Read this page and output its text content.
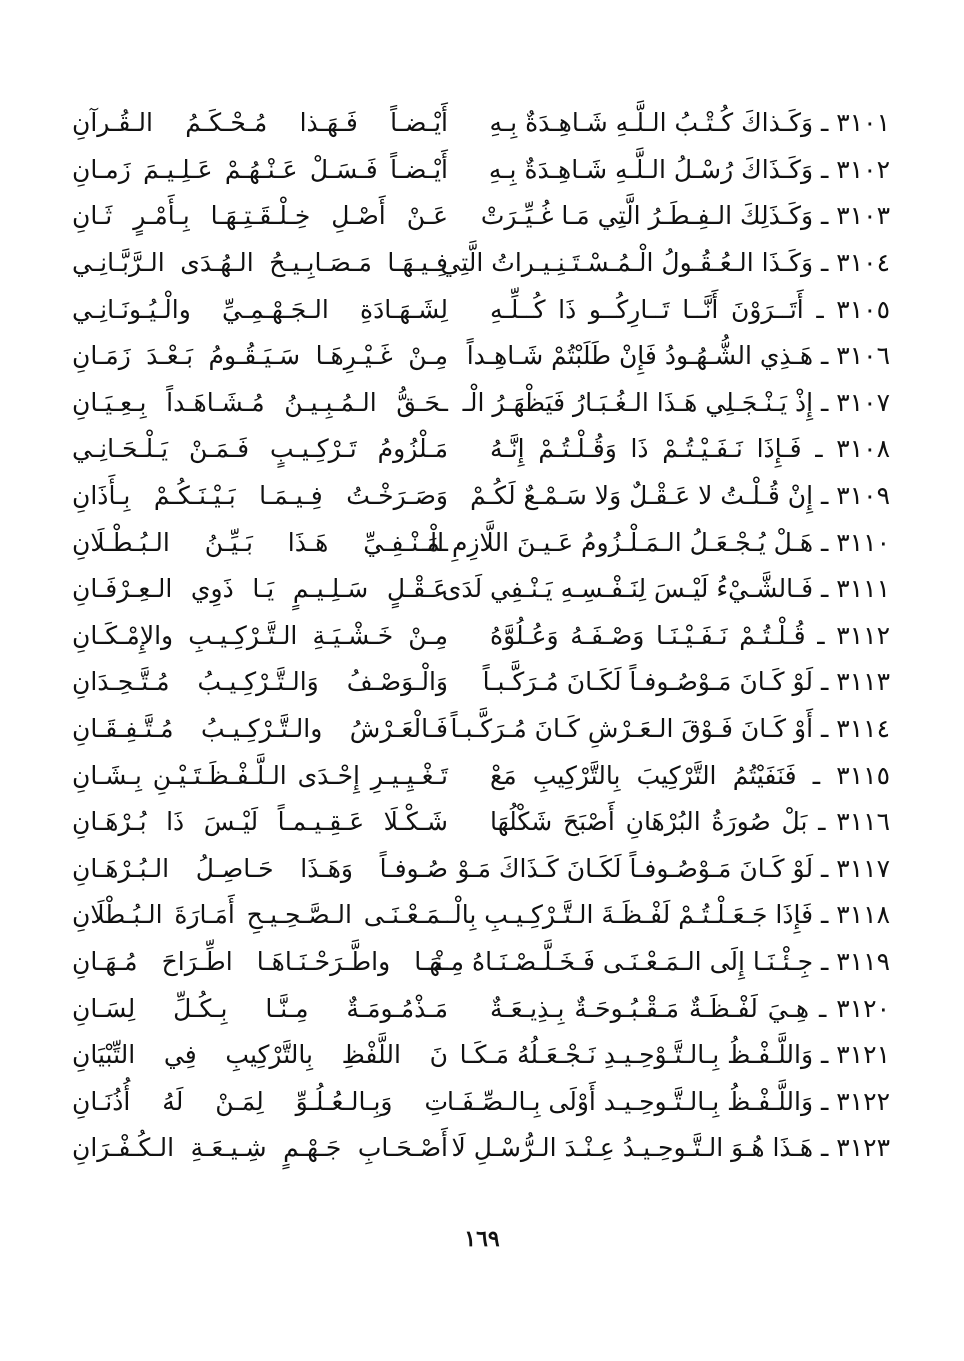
٣١٠١ ـ وَكَـذاكَ كُـتْـبُ الـلَّـهِ شَـاهِـدَةٌ بِـهِ
أَيْـضـاً فَـهَـذا مُـحْـكَـمُ الـقُـرآنِ
٣١٠٢ ـ وَكَـذَاكَ رُسْـلُ الـلَّـهِ شَـاهِـدَةٌ بِـهِ
أَيْـضـاً فَـسَـلْ عَـنْـهُـمْ عَـلِـيـمَ زَمـانِ
٣١٠٣ ـ وَكَـذَلِكَ الـفِـطَـرُ الَّتِي مَـا غُـيِّـرَتْ
عَـنْ أَصْـلِ خِـلْـقَـتِـهَـا بِـأَمْـرٍ ثَـانِ
٣١٠٤ ـ وَكَـذَا الـعُـقُـولُ الْـمُـسْـتَـنِـيـراتُ الَّتِي
فِـيـهَـا مَـصَـابِـيـحُ الـهُـدَى الـرَّبَّـانِـي
٣١٠٥ ـ أَتَــرَوْنَ أَنَّــا تَــارِكُــو ذَا كُــلِّـهِ
لِشَـهَـادَةِ الـجَـهْـمِـيِّ والْـيُـونَـانِـي
٣١٠٦ ـ هَـذِي الشُّـهُـودُ فَإِنْ طَلَبْتُمْ شَـاهِـداً
مِـنْ غَـيْـرِهَـا سَـيَـقُـومُ بَـعْـدَ زَمَـانِ
٣١٠٧ ـ إِذْ يَـنْـجَـلِي هَـذَا الـغُـبَـارُ فَيَظْهَـرُ الْـ
ـحَـقُّ الـمُـبِـيـنُ مُـشَـاهَـداً بِـعِـيَـانِ
٣١٠٨ ـ فَـإِذَا نَـفَـيْـتُـمْ ذَا وَقُـلْـتُـمْ إِنَّـهُ
مَـلْزُومُ تَـرْكِـيـبٍ فَـمَـنْ يَـلْـحَـانِـي
٣١٠٩ ـ إِنْ قُـلْـتُ لا عَـقْـلٌ وَلا سَـمْـعٌ لَكُـمْ
وَصَـرَخْـتُ فِـيـمَـا بَـيْـنَـكُـمْ بِـأَذَانِ
٣١١٠ ـ هَـلْ يُـجْـعَـلُ الـمَـلْـزُومُ عَـيـنَ اللَّازِمِ الْـ
ـمَـنْـفِـيِّ هَـذَا بَـيِّـنُ الـبُـطْـلَانِ
٣١١١ ـ فَـالشَّـيْءُ لَيْـسَ لِنَـفْـسِـهِ يَـنْـفِي لَدَى
عَـقْـلٍ سَـلِـيـمٍ يَـا ذَوِي الـعِـرْفَـانِ
٣١١٢ ـ قُـلْـتُـمْ نَـفَـيْـنَـا وَصْـفَـهُ وَعُـلُوَّهُ
مِـنْ خَـشْـيَـةِ الـتَّـرْكِـيـبِ والإِمْـكَـانِ
٣١١٣ ـ لَوْ كَـانَ مَـوْصُـوفـاً لَكَـانَ مُـرَكَّـبـاً
وَالْـوَصْـفُ وَالـتَّـرْكِـيـبُ مُـتَّـحِـدَانِ
٣١١٤ ـ أَوْ كَـانَ فَـوْقَ الـعَـرْشِ كَـانَ مُـرَكَّـبـاً
فَـالْعَـرْشُ والـتَّـرْكِـيـبُ مُـتَّـفِـقَـانِ
٣١١٥ ـ فَنَفَيْتُمُ التَّرْكِيبَ بِالتَّرْكِيبِ مَعْ
تَـغْـيِـيـرِ إِحْـدَى الـلَّـفْـظَـتَـيْـنِ بِـشَـانِ
٣١١٦ ـ بَلْ صُورَةُ البُرْهَانِ أَصْبَحَ شَكْلُهَا
شَـكْـلَا عَـقِـيـمـاً لَيْـسَ ذَا بُـرْهَـانِ
٣١١٧ ـ لَوْ كَـانَ مَـوْصُـوفـاً لَكَـانَ كَـذَاكَ مَـوْ
صُـوفـاً وَهَـذَا حَـاصِـلُ الـبُـرْهَـانِ
٣١١٨ ـ فَإِذَا جَـعَـلْـتُـمْ لَفْـظَـةَ الـتَّـرْكِـيـبِ بِالْـ
ـمَـعْـنَـى الـصَّـحِـيـحِ أَمَـارَةَ الـبُـطْلَانِ
٣١١٩ ـ جِـئْـنَـا إِلَى الـمَـعْـنَـى فَـخَـلَّـصْـنَـاهُ مِـنْـ
ـهَـا واطَّـرَحْـنَـاهَـا اطِّـرَاحَ مُـهَـانِ
٣١٢٠ ـ هِـيَ لَفْـظَـةٌ مَـقْـبُـوحَـةٌ بِـذِيـعَـةٌ
مَـذْمُـومَـةٌ مِـنَّـا بِـكُـلِّ لِسَـانِ
٣١٢١ ـ وَاللَّـفْـظُ بِـالـتَّـوْحِـيـدِ نَـجْـعَـلُهُ مَـكَـا
نَ اللَّفْظِ بِالتَّرْكِيبِ فِي التِّبْيَانِ
٣١٢٢ ـ وَاللَّـفْـظُ بِـالـتَّـوحِـيـد أَوْلَى بِـالـصِّـفَـا
تِ وَبِـالـعُـلُـوِّ لِمَـنْ لَهُ أُذُنَـانِ
٣١٢٣ ـ هَـذَا هُـوَ الـتَّـوحِـيـدُ عِـنْـدَ الـرُّسْـلِ لَا
أَصْـحَـابِ جَـهْـمٍ شِـيـعَـةِ الـكُـفْـرَانِ
١٦٩
